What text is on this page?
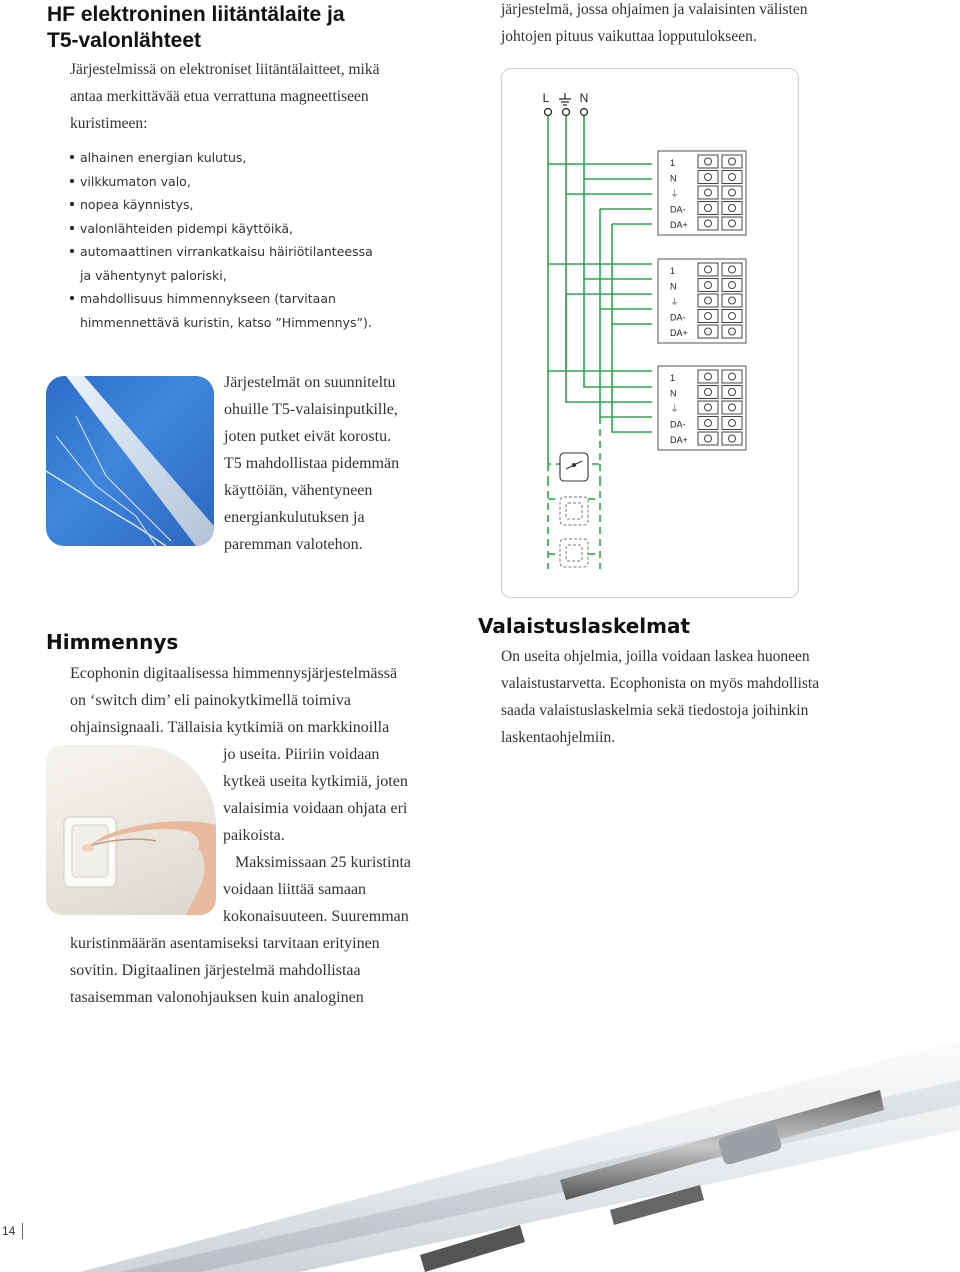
HF elektroninen liitäntälaite ja
T5-valonlähteet
Järjestelmissä on elektroniset liitäntälaitteet, mikä
antaa merkittävää etua verrattuna magneettiseen
kuristimeen:
alhainen energian kulutus,
vilkkumaton valo,
nopea käynnistys,
valonlähteiden pidempi käyttöikä,
automaattinen virrankatkaisu häiriötilanteessa ja vähentynyt paloriski,
mahdollisuus himmennykseen (tarvitaan himmennettävä kuristin, katso ”Himmennys”).
Järjestelmät on suunniteltu
ohuille T5-valaisinputkille,
joten putket eivät korostu.
T5 mahdollistaa pidemmän
käyttöiän, vähentyneen
energiankulutuksen ja
paremman valotehon.
järjestelmä, jossa ohjaimen ja valaisinten välisten
johtojen pituus vaikuttaa lopputulokseen.
L	N
1
N
⏚
DA-
DA+
1
N
⏚
DA-
DA+
1
N
⏚
DA-
DA+
Himmennys
Ecophonin digitaalisessa himmennysjärjestelmässä
on ‘switch dim’ eli painokytkimellä toimiva
ohjainsignaali. Tällaisia kytkimiä on markkinoilla
jo useita. Piiriin voidaan
kytkeä useita kytkimiä, joten
valaisimia voidaan ohjata eri
paikoista.
Maksimissaan 25 kuristinta
voidaan liittää samaan
kokonaisuuteen. Suuremman
kuristinmäärän asentamiseksi tarvitaan erityinen
sovitin. Digitaalinen järjestelmä mahdollistaa
tasaisemman valonohjauksen kuin analoginen
Valaistuslaskelmat
On useita ohjelmia, joilla voidaan laskea huoneen
valaistustarvetta. Ecophonista on myös mahdollista
saada valaistuslaskelmia sekä tiedostoja joihinkin
laskentaohjelmiin.
14
